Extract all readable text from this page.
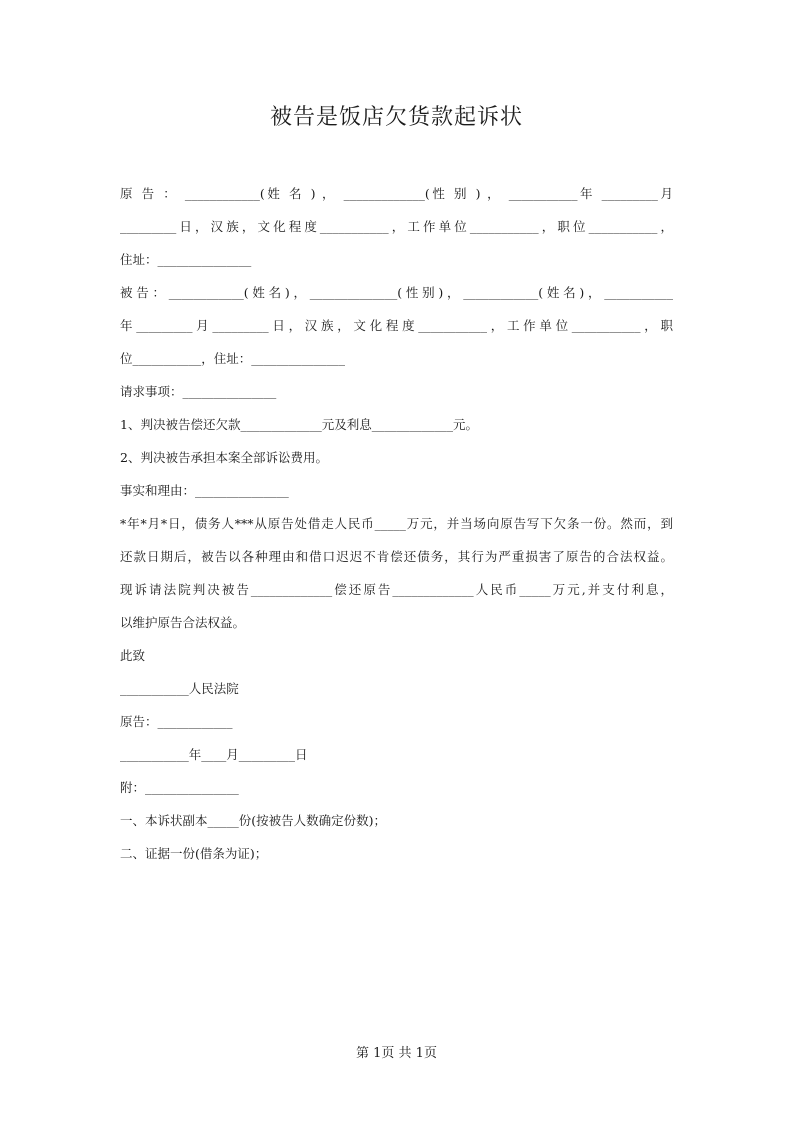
被告是饭店欠货款起诉状

原 告 ： ____________(姓 名 ) ， _____________(性 别 ) ， ___________年 _________月

_________日，汉族，文化程度___________，工作单位___________，职位___________，

住址：_______________

被告：____________(姓名)，______________(性别)，____________(姓名)，___________

年_________月_________日，汉族，文化程度___________，工作单位___________，职

位___________，住址：_______________

请求事项：_______________

1、判决被告偿还欠款_____________元及利息_____________元。

2、判决被告承担本案全部诉讼费用。

事实和理由：_______________

*年*月*日，债务人***从原告处借走人民币_____万元，并当场向原告写下欠条一份。然而，到

还款日期后，被告以各种理由和借口迟迟不肯偿还债务，其行为严重损害了原告的合法权益。

现诉请法院判决被告_____________偿还原告_____________人民币_____万元,并支付利息，

以维护原告合法权益。

此致

___________人民法院

原告：____________

___________年____月_________日

附：_______________

一、本诉状副本_____份(按被告人数确定份数)；

二、证据一份(借条为证)；

第 1页 共 1页
